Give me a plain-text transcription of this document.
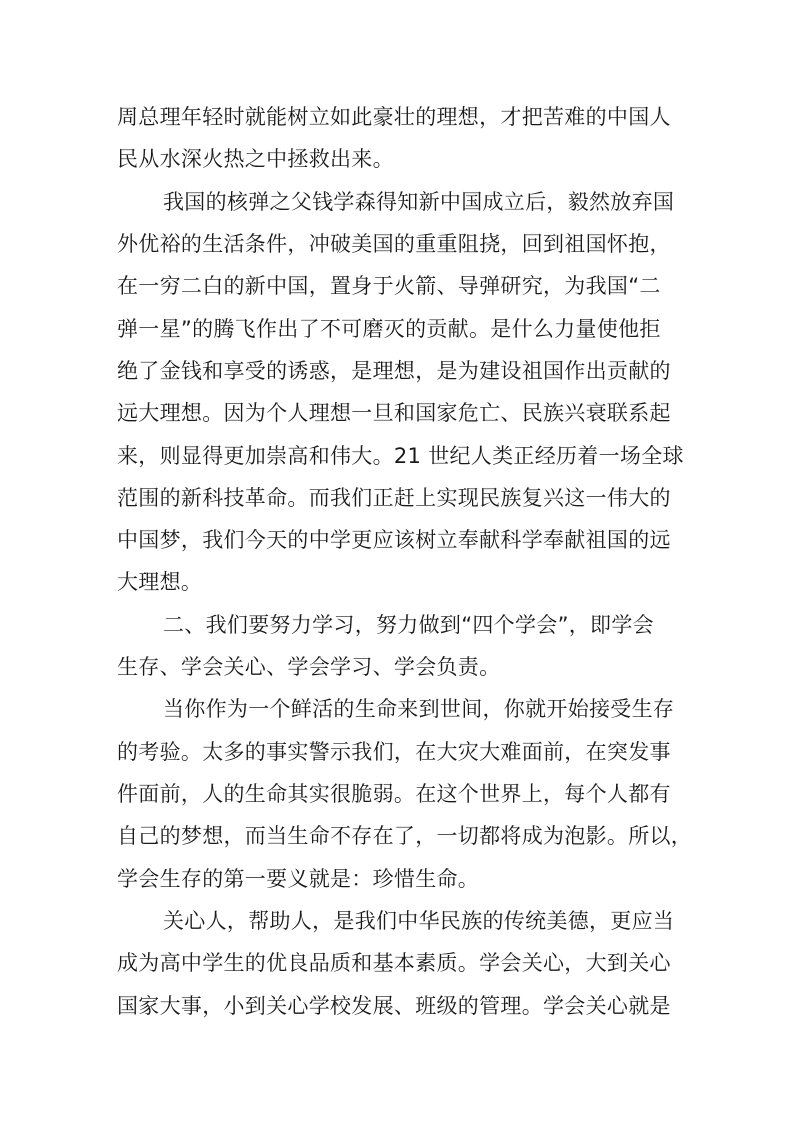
周总理年轻时就能树立如此豪壮的理想，才把苦难的中国人
民从水深火热之中拯救出来。
我国的核弹之父钱学森得知新中国成立后，毅然放弃国
外优裕的生活条件，冲破美国的重重阻挠，回到祖国怀抱，
在一穷二白的新中国，置身于火箭、导弹研究，为我国“二
弹一星”的腾飞作出了不可磨灭的贡献。是什么力量使他拒
绝了金钱和享受的诱惑，是理想，是为建设祖国作出贡献的
远大理想。因为个人理想一旦和国家危亡、民族兴衰联系起
来，则显得更加崇高和伟大。21 世纪人类正经历着一场全球
范围的新科技革命。而我们正赶上实现民族复兴这一伟大的
中国梦，我们今天的中学更应该树立奉献科学奉献祖国的远
大理想。
二、我们要努力学习，努力做到“四个学会”，即学会
生存、学会关心、学会学习、学会负责。
当你作为一个鲜活的生命来到世间，你就开始接受生存
的考验。太多的事实警示我们，在大灾大难面前，在突发事
件面前，人的生命其实很脆弱。在这个世界上，每个人都有
自己的梦想，而当生命不存在了，一切都将成为泡影。所以，
学会生存的第一要义就是：珍惜生命。
关心人，帮助人，是我们中华民族的传统美德，更应当
成为高中学生的优良品质和基本素质。学会关心，大到关心
国家大事，小到关心学校发展、班级的管理。学会关心就是
